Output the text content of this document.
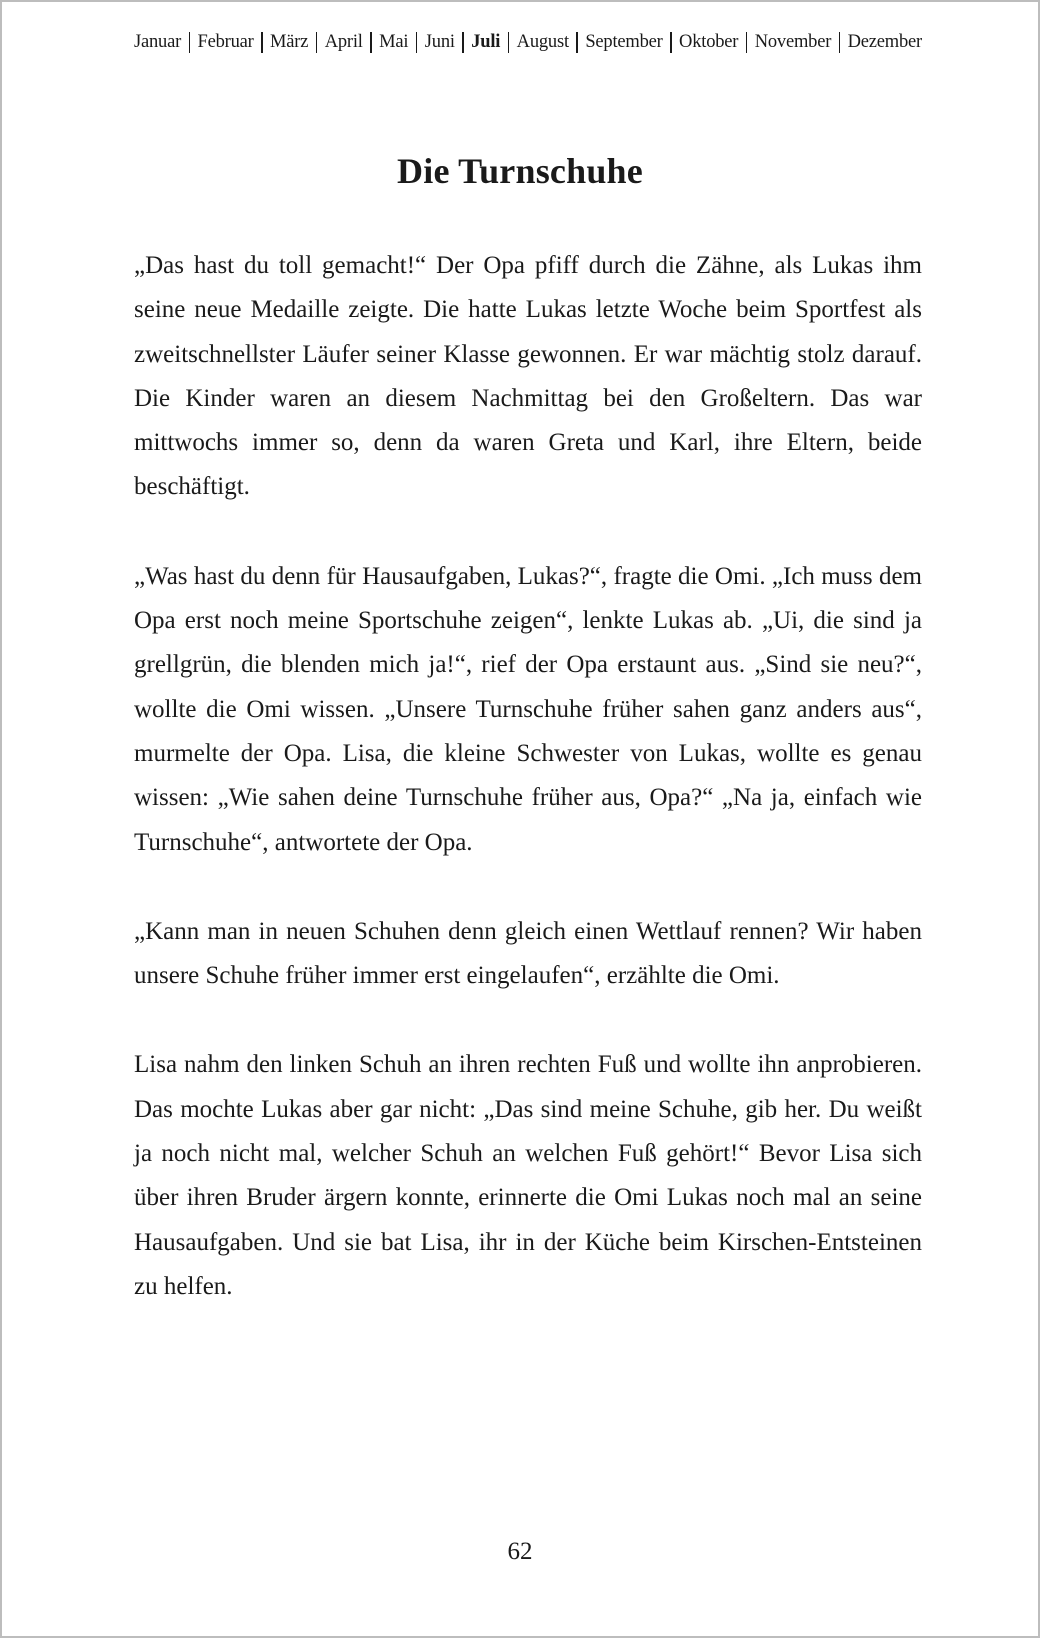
Januar Februar März April Mai Juni Juli August September Oktober November Dezember
Die Turnschuhe

„Das hast du toll gemacht!“ Der Opa pfiff durch die Zähne, als Lukas ihm seine neue Medaille zeigte. Die hatte Lukas letzte Woche beim Sportfest als zweitschnellster Läufer seiner Klasse gewonnen. Er war mächtig stolz darauf. Die Kinder waren an diesem Nachmittag bei den Großeltern. Das war mittwochs immer so, denn da waren Greta und Karl, ihre Eltern, beide beschäftigt.

„Was hast du denn für Hausaufgaben, Lukas?“, fragte die Omi. „Ich muss dem Opa erst noch meine Sportschuhe zeigen“, lenkte Lukas ab. „Ui, die sind ja grellgrün, die blenden mich ja!“, rief der Opa erstaunt aus. „Sind sie neu?“, wollte die Omi wissen. „Unsere Turnschuhe früher sahen ganz anders aus“, murmelte der Opa. Lisa, die kleine Schwester von Lukas, wollte es genau wissen: „Wie sahen deine Turnschuhe früher aus, Opa?“ „Na ja, einfach wie Turnschuhe“, antwortete der Opa.

„Kann man in neuen Schuhen denn gleich einen Wettlauf rennen? Wir haben unsere Schuhe früher immer erst eingelaufen“, erzählte die Omi.

Lisa nahm den linken Schuh an ihren rechten Fuß und wollte ihn anprobieren. Das mochte Lukas aber gar nicht: „Das sind meine Schuhe, gib her. Du weißt ja noch nicht mal, welcher Schuh an welchen Fuß gehört!“ Bevor Lisa sich über ihren Bruder ärgern konnte, erinnerte die Omi Lukas noch mal an seine Hausaufgaben. Und sie bat Lisa, ihr in der Küche beim Kirschen-Entsteinen zu helfen.

62
